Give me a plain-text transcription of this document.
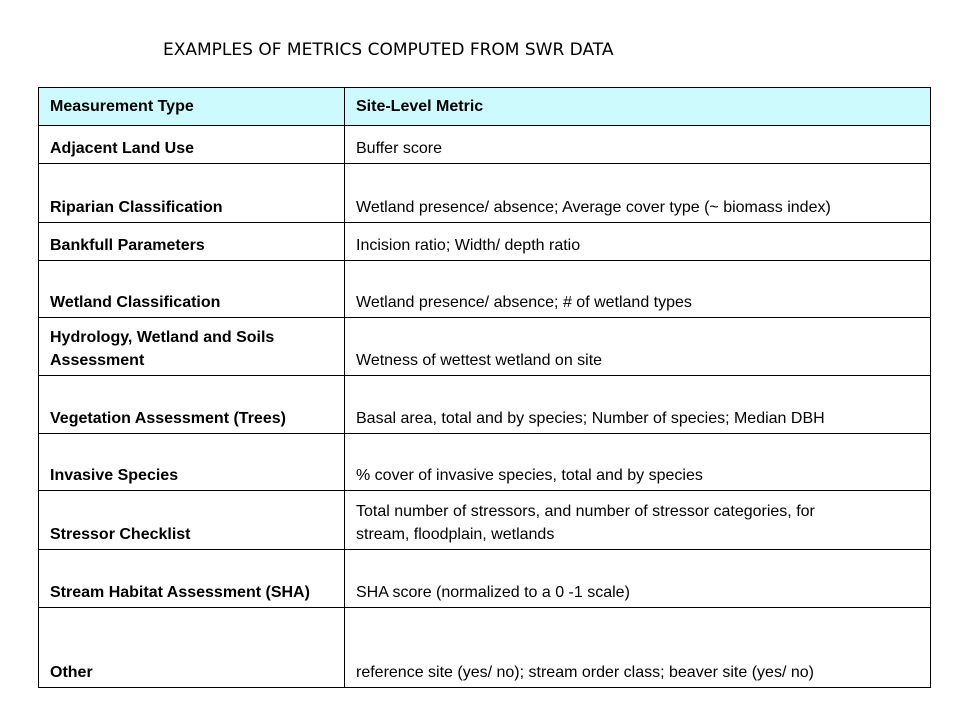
EXAMPLES OF METRICS COMPUTED FROM SWR DATA
Measurement Type	Site-Level Metric
Adjacent Land Use	Buffer score
Riparian Classification	Wetland presence/ absence; Average cover type (~ biomass index)
Bankfull Parameters	Incision ratio; Width/ depth ratio
Wetland Classification	Wetland presence/ absence; # of wetland types
Hydrology, Wetland and Soils Assessment	Wetness of wettest wetland on site
Vegetation Assessment (Trees)	Basal area, total and by species; Number of species; Median DBH
Invasive Species	% cover of invasive species, total and by species
Stressor Checklist	Total number of stressors, and number of stressor categories, for stream, floodplain, wetlands
Stream Habitat Assessment (SHA)	SHA score (normalized to a 0 -1 scale)
Other	reference site (yes/ no); stream order class; beaver site (yes/ no)
